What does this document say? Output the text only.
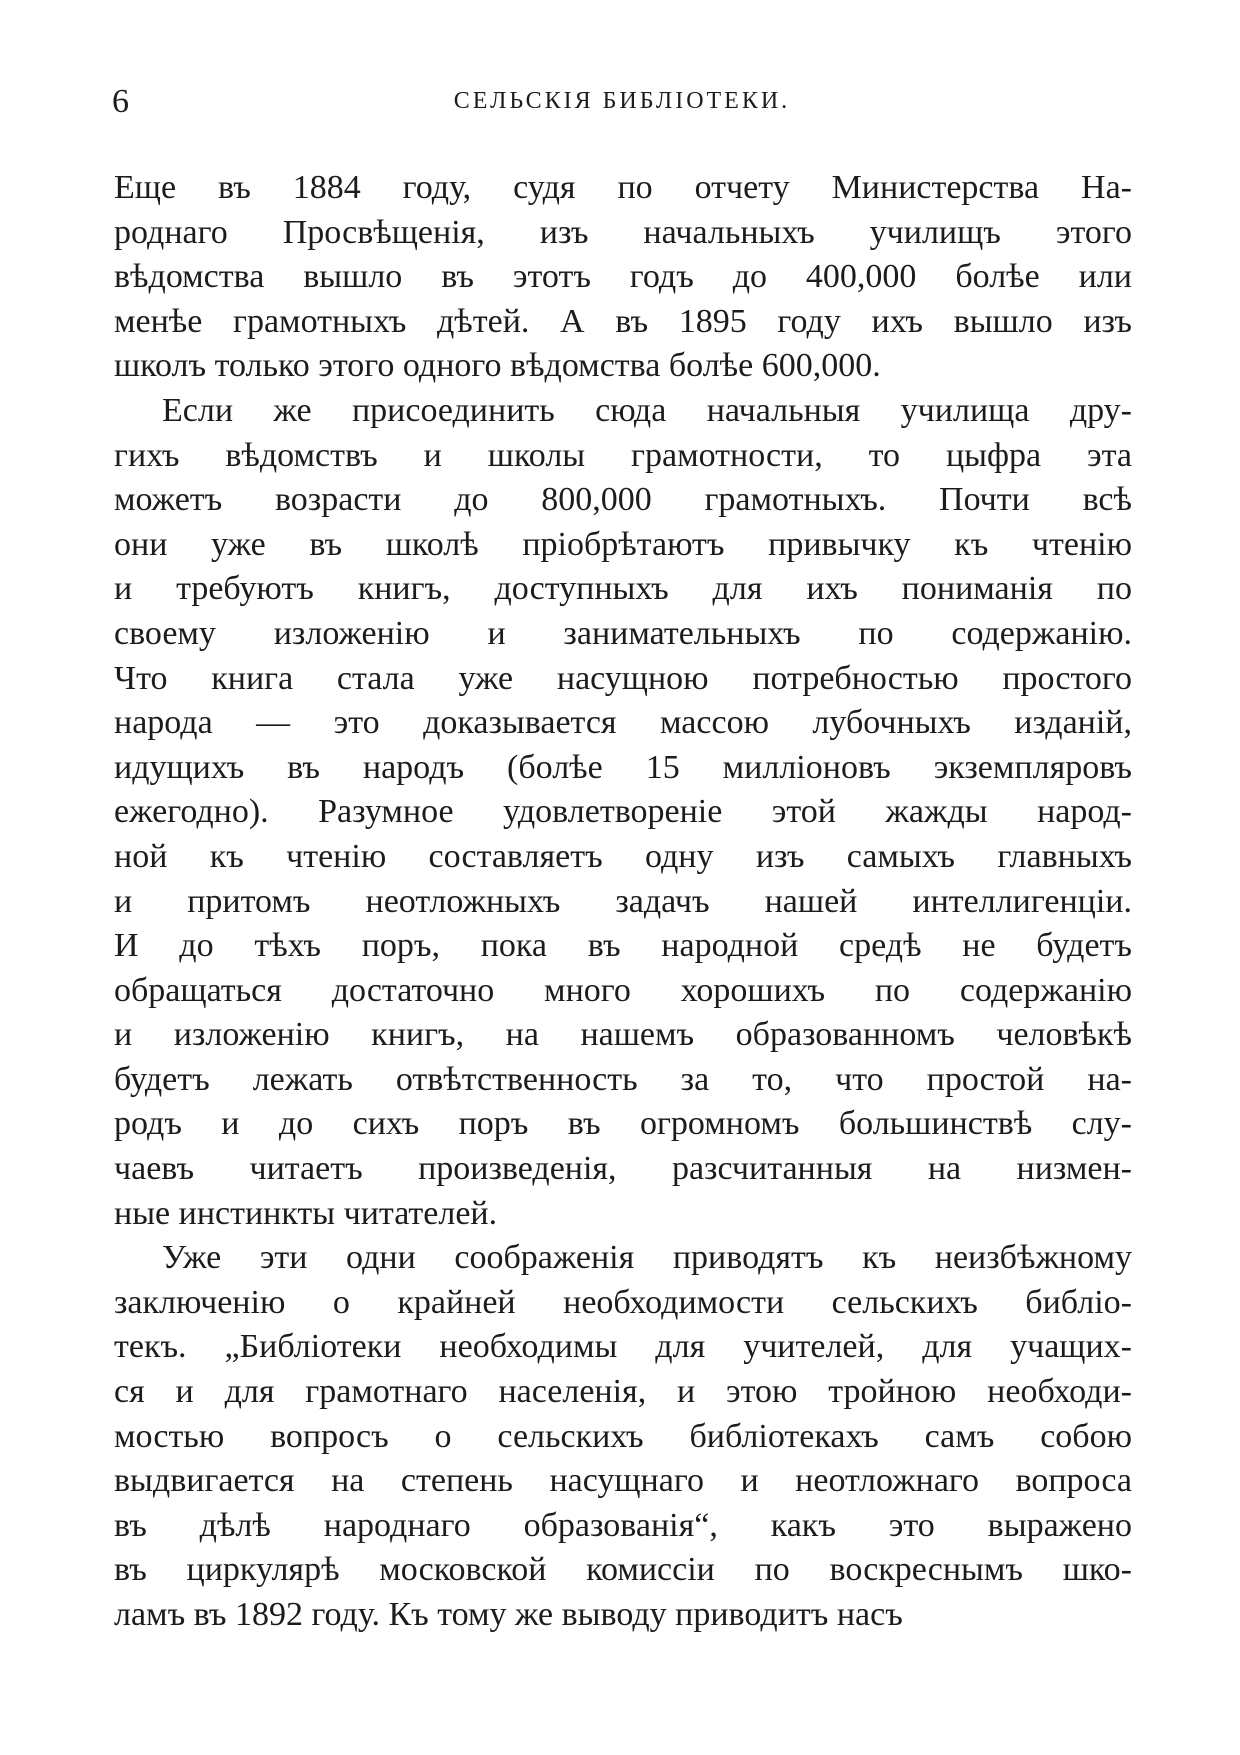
6	СЕЛЬСКІЯ БИБЛІОТЕКИ.
Еще въ 1884 году, судя по отчету Министерства На-
роднаго Просвѣщенія, изъ начальныхъ училищъ этого
вѣдомства вышло въ этотъ годъ до 400,000 болѣе или
менѣе грамотныхъ дѣтей. А въ 1895 году ихъ вышло изъ
школъ только этого одного вѣдомства болѣе 600,000.
Если же присоединить сюда начальныя училища дру-
гихъ вѣдомствъ и школы грамотности, то цыфра эта
можетъ возрасти до 800,000 грамотныхъ. Почти всѣ
они уже въ школѣ пріобрѣтаютъ привычку къ чтенію
и требуютъ книгъ, доступныхъ для ихъ пониманія по
своему изложенію и занимательныхъ по содержанію.
Что книга стала уже насущною потребностью простого
народа — это доказывается массою лубочныхъ изданій,
идущихъ въ народъ (болѣе 15 милліоновъ экземпляровъ
ежегодно). Разумное удовлетвореніе этой жажды народ-
ной къ чтенію составляетъ одну изъ самыхъ главныхъ
и притомъ неотложныхъ задачъ нашей интеллигенціи.
И до тѣхъ поръ, пока въ народной средѣ не будетъ
обращаться достаточно много хорошихъ по содержанію
и изложенію книгъ, на нашемъ образованномъ человѣкѣ
будетъ лежать отвѣтственность за то, что простой на-
родъ и до сихъ поръ въ огромномъ большинствѣ слу-
чаевъ читаетъ произведенія, разсчитанныя на низмен-
ные инстинкты читателей.
Уже эти одни соображенія приводятъ къ неизбѣжному
заключенію о крайней необходимости сельскихъ библіо-
текъ. „Библіотеки необходимы для учителей, для учащих-
ся и для грамотнаго населенія, и этою тройною необходи-
мостью вопросъ о сельскихъ библіотекахъ самъ собою
выдвигается на степень насущнаго и неотложнаго вопроса
въ дѣлѣ народнаго образованія“, какъ это выражено
въ циркулярѣ московской комиссіи по воскреснымъ шко-
ламъ въ 1892 году. Къ тому же выводу приводитъ насъ
